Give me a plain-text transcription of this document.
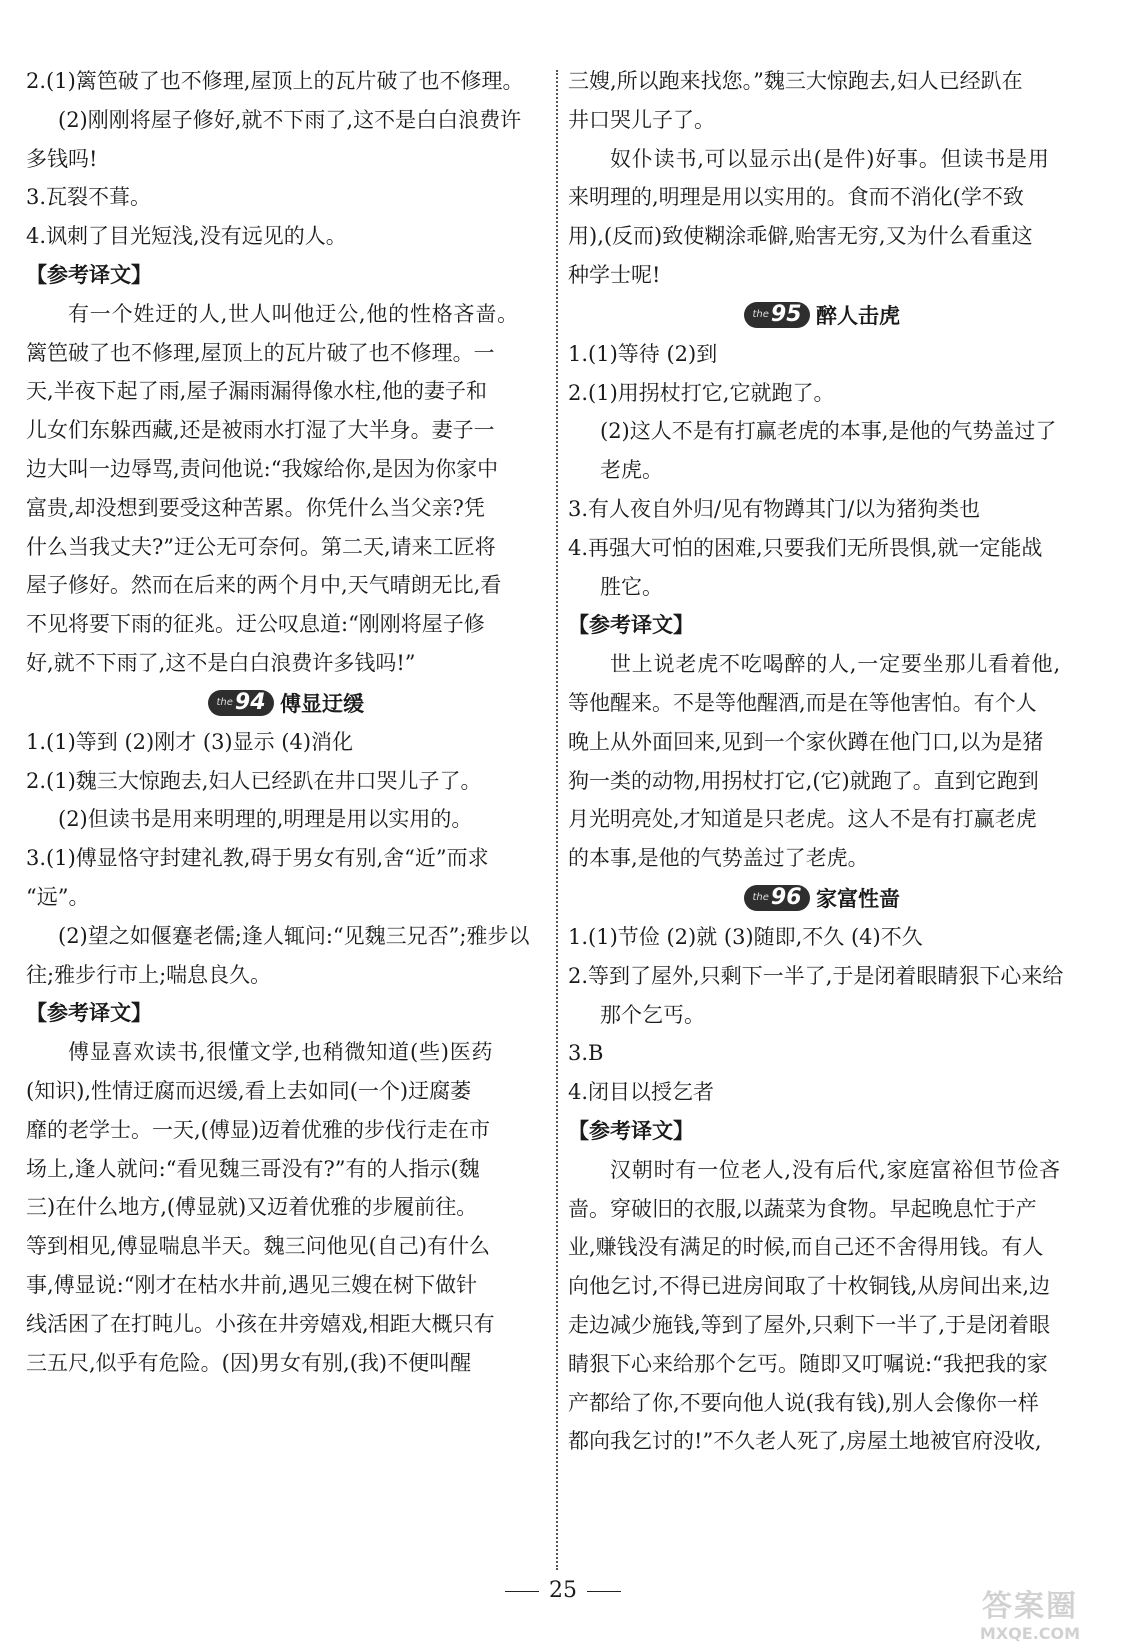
2.(1)篱笆破了也不修理,屋顶上的瓦片破了也不修理。

(2)刚刚将屋子修好,就不下雨了,这不是白白浪费许

多钱吗!

3.瓦裂不葺。

4.讽刺了目光短浅,没有远见的人。

【参考译文】

有一个姓迂的人,世人叫他迂公,他的性格吝啬。

篱笆破了也不修理,屋顶上的瓦片破了也不修理。一

天,半夜下起了雨,屋子漏雨漏得像水柱,他的妻子和

儿女们东躲西藏,还是被雨水打湿了大半身。妻子一

边大叫一边辱骂,责问他说:“我嫁给你,是因为你家中

富贵,却没想到要受这种苦累。你凭什么当父亲?凭

什么当我丈夫?”迂公无可奈何。第二天,请来工匠将

屋子修好。然而在后来的两个月中,天气晴朗无比,看

不见将要下雨的征兆。迂公叹息道:“刚刚将屋子修

好,就不下雨了,这不是白白浪费许多钱吗!”

the 94 傅显迂缓

1.(1)等到 (2)刚才 (3)显示 (4)消化

2.(1)魏三大惊跑去,妇人已经趴在井口哭儿子了。

(2)但读书是用来明理的,明理是用以实用的。

3.(1)傅显恪守封建礼教,碍于男女有别,舍“近”而求

“远”。

(2)望之如偃蹇老儒;逢人辄问:“见魏三兄否”;雅步以

往;雅步行市上;喘息良久。

【参考译文】

傅显喜欢读书,很懂文学,也稍微知道(些)医药

(知识),性情迂腐而迟缓,看上去如同(一个)迂腐萎

靡的老学士。一天,(傅显)迈着优雅的步伐行走在市

场上,逢人就问:“看见魏三哥没有?”有的人指示(魏

三)在什么地方,(傅显就)又迈着优雅的步履前往。

等到相见,傅显喘息半天。魏三问他见(自己)有什么

事,傅显说:“刚才在枯水井前,遇见三嫂在树下做针

线活困了在打盹儿。小孩在井旁嬉戏,相距大概只有

三五尺,似乎有危险。(因)男女有别,(我)不便叫醒

三嫂,所以跑来找您。”魏三大惊跑去,妇人已经趴在

井口哭儿子了。

奴仆读书,可以显示出(是件)好事。但读书是用

来明理的,明理是用以实用的。食而不消化(学不致

用),(反而)致使糊涂乖僻,贻害无穷,又为什么看重这

种学士呢!

the 95 醉人击虎

1.(1)等待 (2)到

2.(1)用拐杖打它,它就跑了。

(2)这人不是有打赢老虎的本事,是他的气势盖过了

老虎。

3.有人夜自外归/见有物蹲其门/以为猪狗类也

4.再强大可怕的困难,只要我们无所畏惧,就一定能战

胜它。

【参考译文】

世上说老虎不吃喝醉的人,一定要坐那儿看着他,

等他醒来。不是等他醒酒,而是在等他害怕。有个人

晚上从外面回来,见到一个家伙蹲在他门口,以为是猪

狗一类的动物,用拐杖打它,(它)就跑了。直到它跑到

月光明亮处,才知道是只老虎。这人不是有打赢老虎

的本事,是他的气势盖过了老虎。

the 96 家富性啬

1.(1)节俭 (2)就 (3)随即,不久 (4)不久

2.等到了屋外,只剩下一半了,于是闭着眼睛狠下心来给

那个乞丐。

3.B

4.闭目以授乞者

【参考译文】

汉朝时有一位老人,没有后代,家庭富裕但节俭吝

啬。穿破旧的衣服,以蔬菜为食物。早起晚息忙于产

业,赚钱没有满足的时候,而自己还不舍得用钱。有人

向他乞讨,不得已进房间取了十枚铜钱,从房间出来,边

走边减少施钱,等到了屋外,只剩下一半了,于是闭着眼

睛狠下心来给那个乞丐。随即又叮嘱说:“我把我的家

产都给了你,不要向他人说(我有钱),别人会像你一样

都向我乞讨的!”不久老人死了,房屋土地被官府没收,

25	答案圈
MXQE.COM
